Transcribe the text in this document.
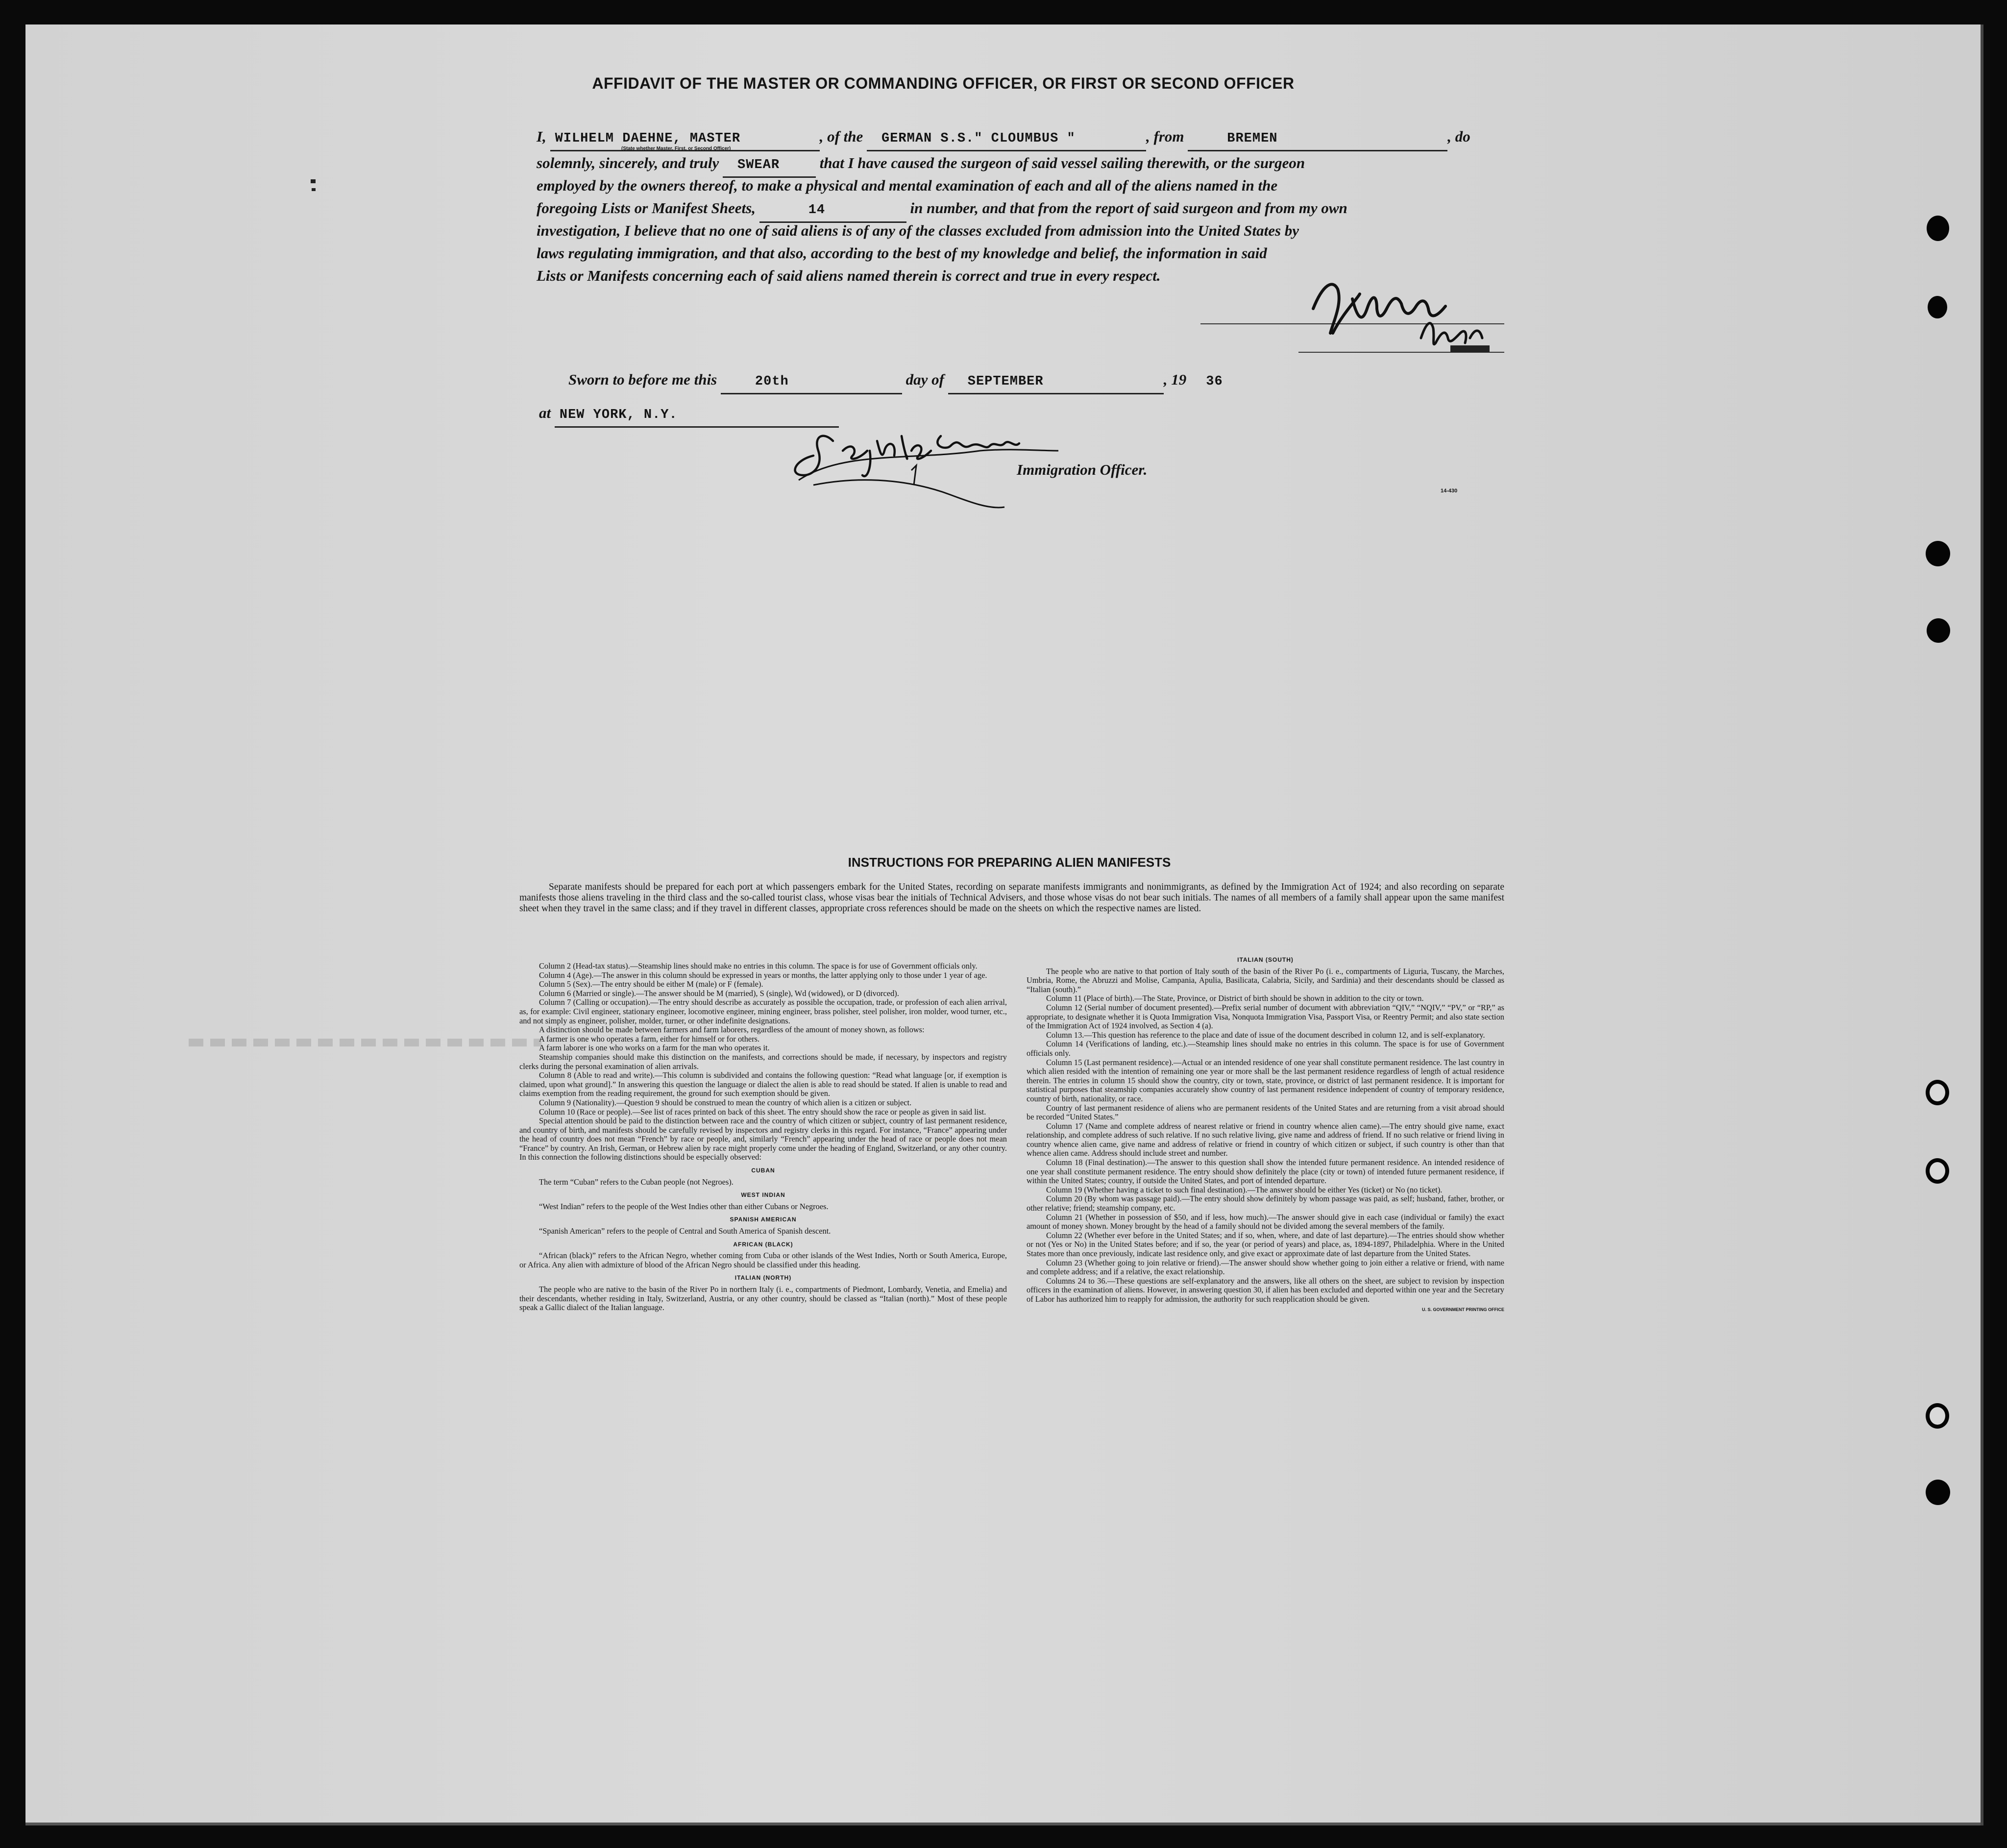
AFFIDAVIT OF THE MASTER OR COMMANDING OFFICER, OR FIRST OR SECOND OFFICER
I, WILHELM DAEHNE, MASTER	, of the GERMAN S.S." CLOUMBUS "	, from	BREMEN	, do
(State whether Master, First, or Second Officer)
solemnly, sincerely, and truly SWEAR	that I have caused the surgeon of said vessel sailing therewith, or the surgeon
employed by the owners thereof, to make a physical and mental examination of each and all of the aliens named in the
foregoing Lists or Manifest Sheets,	14	in number, and that from the report of said surgeon and from my own
investigation, I believe that no one of said aliens is of any of the classes excluded from admission into the United States by
laws regulating immigration, and that also, according to the best of my knowledge and belief, the information in said
Lists or Manifests concerning each of said aliens named therein is correct and true in every respect.
Sworn to before me this	20th	day of SEPTEMBER	, 19 36
at NEW YORK, N.Y.
Immigration Officer.
14-430
INSTRUCTIONS FOR PREPARING ALIEN MANIFESTS
Separate manifests should be prepared for each port at which passengers embark for the United States, recording on separate manifests immigrants and nonimmigrants, as defined by the Immigration Act of 1924; and also recording on separate manifests those aliens traveling in the third class and the so-called tourist class, whose visas bear the initials of Technical Advisers, and those whose visas do not bear such initials. The names of all members of a family shall appear upon the same manifest sheet when they travel in the same class; and if they travel in different classes, appropriate cross references should be made on the sheets on which the respective names are listed.

Column 2 (Head-tax status).—Steamship lines should make no entries in this column. The space is for use of Government officials only.

Column 4 (Age).—The answer in this column should be expressed in years or months, the latter applying only to those under 1 year of age.

Column 5 (Sex).—The entry should be either M (male) or F (female).

Column 6 (Married or single).—The answer should be M (married), S (single), Wd (widowed), or D (divorced).

Column 7 (Calling or occupation).—The entry should describe as accurately as possible the occupation, trade, or profession of each alien arrival, as, for example: Civil engineer, stationary engineer, locomotive engineer, mining engineer, brass polisher, steel polisher, iron molder, wood turner, etc., and not simply as engineer, polisher, molder, turner, or other indefinite designations.

A distinction should be made between farmers and farm laborers, regardless of the amount of money shown, as follows:

A farmer is one who operates a farm, either for himself or for others.

A farm laborer is one who works on a farm for the man who operates it.

Steamship companies should make this distinction on the manifests, and corrections should be made, if necessary, by inspectors and registry clerks during the personal examination of alien arrivals.

Column 8 (Able to read and write).—This column is subdivided and contains the following question: “Read what language [or, if exemption is claimed, upon what ground].” In answering this question the language or dialect the alien is able to read should be stated. If alien is unable to read and claims exemption from the reading requirement, the ground for such exemption should be given.

Column 9 (Nationality).—Question 9 should be construed to mean the country of which alien is a citizen or subject.

Column 10 (Race or people).—See list of races printed on back of this sheet. The entry should show the race or people as given in said list.

Special attention should be paid to the distinction between race and the country of which citizen or subject, country of last permanent residence, and country of birth, and manifests should be carefully revised by inspectors and registry clerks in this regard. For instance, “France” appearing under the head of country does not mean “French” by race or people, and, similarly “French” appearing under the head of race or people does not mean “France” by country. An Irish, German, or Hebrew alien by race might properly come under the heading of England, Switzerland, or any other country. In this connection the following distinctions should be especially observed:

CUBAN

The term “Cuban” refers to the Cuban people (not Negroes).

WEST INDIAN

“West Indian” refers to the people of the West Indies other than either Cubans or Negroes.

SPANISH AMERICAN

“Spanish American” refers to the people of Central and South America of Spanish descent.

AFRICAN (BLACK)

“African (black)” refers to the African Negro, whether coming from Cuba or other islands of the West Indies, North or South America, Europe, or Africa. Any alien with admixture of blood of the African Negro should be classified under this heading.

ITALIAN (NORTH)

The people who are native to the basin of the River Po in northern Italy (i. e., compartments of Piedmont, Lombardy, Venetia, and Emelia) and their descendants, whether residing in Italy, Switzerland, Austria, or any other country, should be classed as “Italian (north).” Most of these people speak a Gallic dialect of the Italian language.

ITALIAN (SOUTH)

The people who are native to that portion of Italy south of the basin of the River Po (i. e., compartments of Liguria, Tuscany, the Marches, Umbria, Rome, the Abruzzi and Molise, Campania, Apulia, Basilicata, Calabria, Sicily, and Sardinia) and their descendants should be classed as “Italian (south).”

Column 11 (Place of birth).—The State, Province, or District of birth should be shown in addition to the city or town.

Column 12 (Serial number of document presented).—Prefix serial number of document with abbreviation “QIV,” “NQIV,” “PV,” or “RP,” as appropriate, to designate whether it is Quota Immigration Visa, Nonquota Immigration Visa, Passport Visa, or Reentry Permit; and also state section of the Immigration Act of 1924 involved, as Section 4 (a).

Column 13.—This question has reference to the place and date of issue of the document described in column 12, and is self-explanatory.

Column 14 (Verifications of landing, etc.).—Steamship lines should make no entries in this column. The space is for use of Government officials only.

Column 15 (Last permanent residence).—Actual or an intended residence of one year shall constitute permanent residence. The last country in which alien resided with the intention of remaining one year or more shall be the last permanent residence regardless of length of actual residence therein. The entries in column 15 should show the country, city or town, state, province, or district of last permanent residence. It is important for statistical purposes that steamship companies accurately show country of last permanent residence independent of country of temporary residence, country of birth, nationality, or race.

Country of last permanent residence of aliens who are permanent residents of the United States and are returning from a visit abroad should be recorded “United States.”

Column 17 (Name and complete address of nearest relative or friend in country whence alien came).—The entry should give name, exact relationship, and complete address of such relative. If no such relative living, give name and address of friend. If no such relative or friend living in country whence alien came, give name and address of relative or friend in country of which citizen or subject, if such country is other than that whence alien came. Address should include street and number.

Column 18 (Final destination).—The answer to this question shall show the intended future permanent residence. An intended residence of one year shall constitute permanent residence. The entry should show definitely the place (city or town) of intended future permanent residence, if within the United States; country, if outside the United States, and port of intended departure.

Column 19 (Whether having a ticket to such final destination).—The answer should be either Yes (ticket) or No (no ticket).

Column 20 (By whom was passage paid).—The entry should show definitely by whom passage was paid, as self; husband, father, brother, or other relative; friend; steamship company, etc.

Column 21 (Whether in possession of $50, and if less, how much).—The answer should give in each case (individual or family) the exact amount of money shown. Money brought by the head of a family should not be divided among the several members of the family.

Column 22 (Whether ever before in the United States; and if so, when, where, and date of last departure).—The entries should show whether or not (Yes or No) in the United States before; and if so, the year (or period of years) and place, as, 1894-1897, Philadelphia. Where in the United States more than once previously, indicate last residence only, and give exact or approximate date of last departure from the United States.

Column 23 (Whether going to join relative or friend).—The answer should show whether going to join either a relative or friend, with name and complete address; and if a relative, the exact relationship.

Columns 24 to 36.—These questions are self-explanatory and the answers, like all others on the sheet, are subject to revision by inspection officers in the examination of aliens. However, in answering question 30, if alien has been excluded and deported within one year and the Secretary of Labor has authorized him to reapply for admission, the authority for such reapplication should be given.

U. S. GOVERNMENT PRINTING OFFICE
